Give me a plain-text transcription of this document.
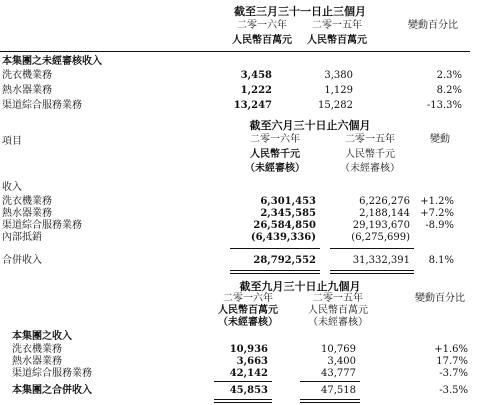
截至三月三十一日止三個月
二零一六年	二零一五年	變動百分比
人民幣百萬元 人民幣百萬元
本集團之未經審核收入
洗衣機業務	3,458	3,380	2.3%
熱水器業務	1,222	1,129	8.2%
渠道綜合服務業務	13,247	15,282	-13.3%
截至六月三十日止六個月
二零一六年	二零一五年	變動
項目
人民幣千元	人民幣千元
（未經審核）	（未經審核）
收入
洗衣機業務	6,301,453	6,226,276 +1.2%
熱水器業務	2,345,585	2,188,144 +7.2%
渠道綜合服務業務	26,584,850	29,193,670 -8.9%
內部抵銷	(6,439,336)	(6,275,699)
合併收入	28,792,552	31,332,391 8.1%
截至九月三十日止九個月
二零一六年	二零一五年	變動百分比
人民幣百萬元	人民幣百萬元
（未經審核）	（未經審核）
本集團之收入
洗衣機業務	10,936	10,769	+1.6%
熱水器業務	3,663	3,400	17.7%
渠道綜合服務業務	42,142	43,777	-3.7%
本集團之合併收入	45,853	47,518	-3.5%
